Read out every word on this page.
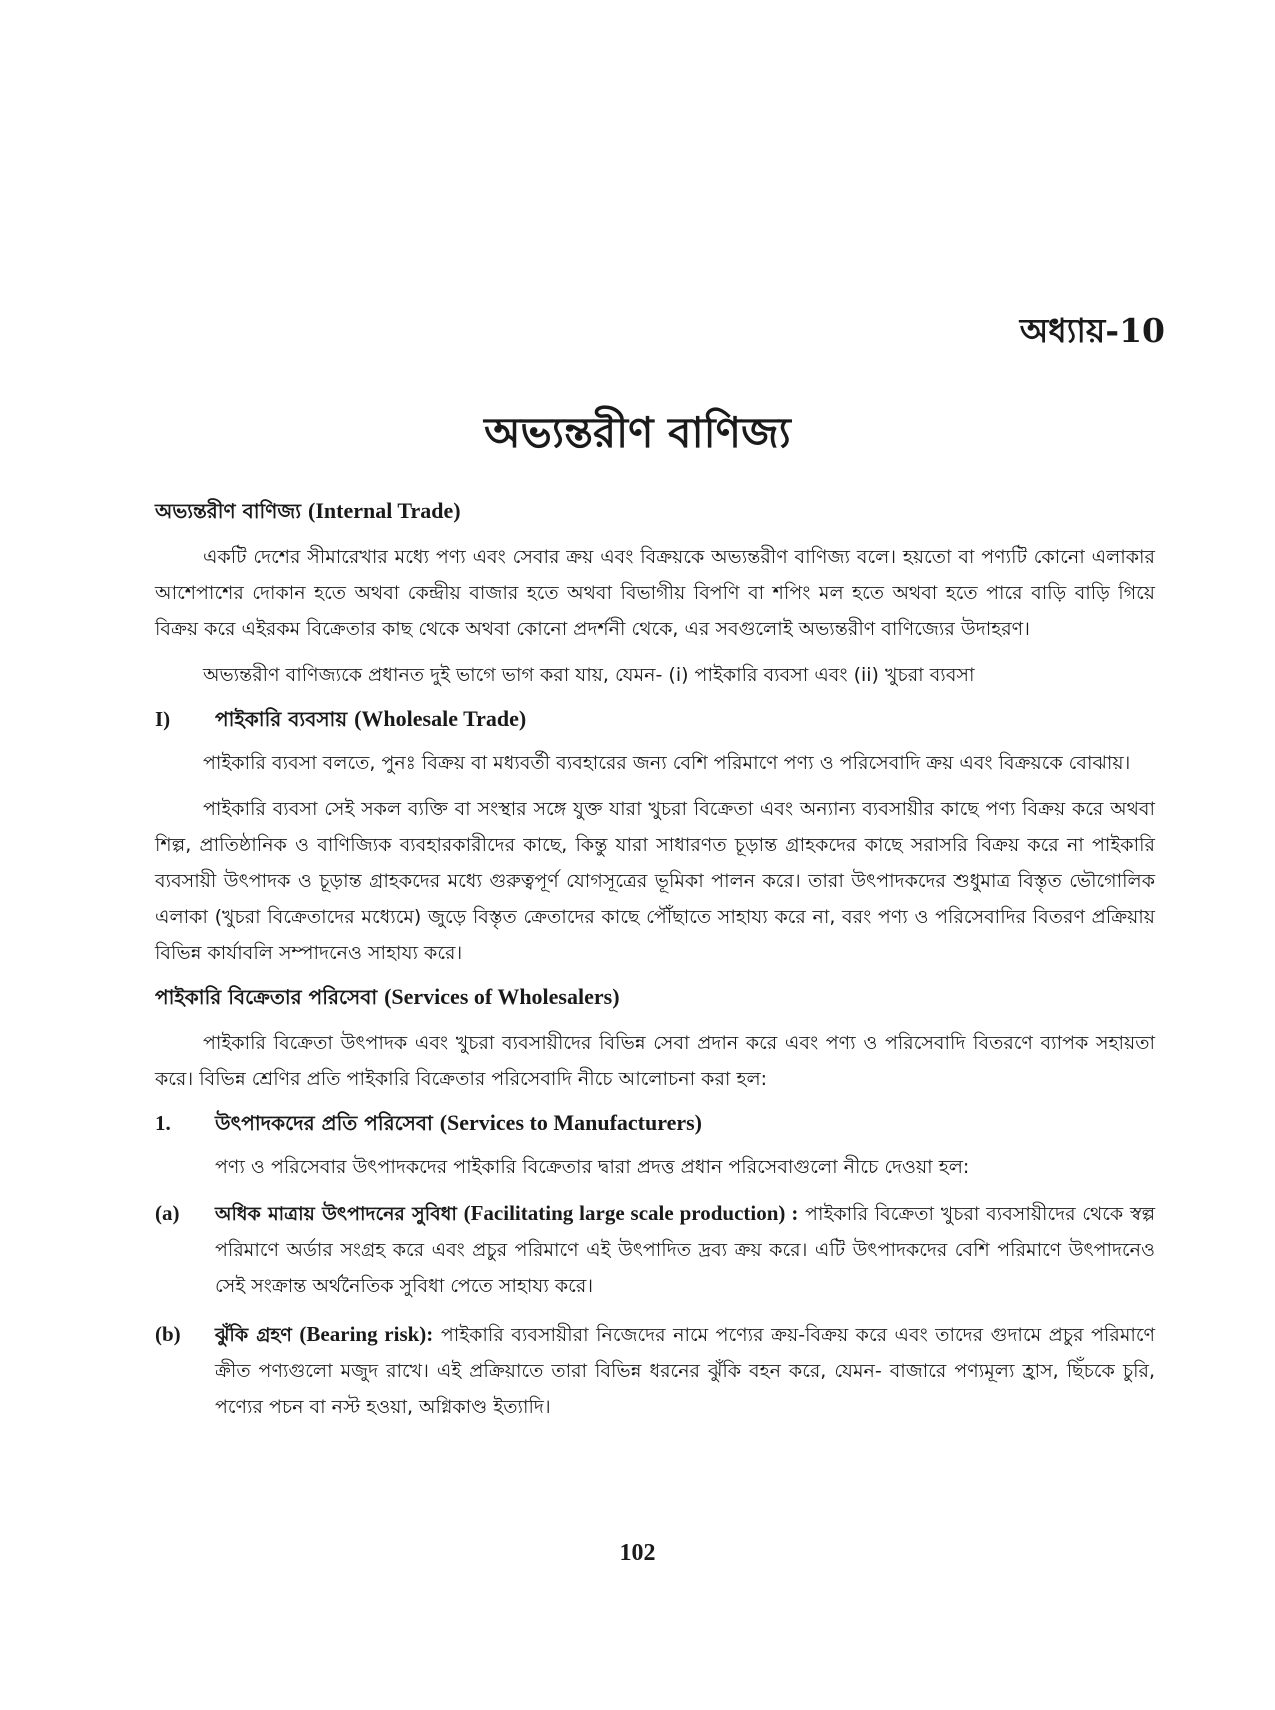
অধ্যায়-10
অভ্যন্তরীণ বাণিজ্য
অভ্যন্তরীণ বাণিজ্য (Internal Trade)

একটি দেশের সীমারেখার মধ্যে পণ্য এবং সেবার ক্রয় এবং বিক্রয়কে অভ্যন্তরীণ বাণিজ্য বলে। হয়তো বা পণ্যটি কোনো এলাকার আশেপাশের দোকান হতে অথবা কেন্দ্রীয় বাজার হতে অথবা বিভাগীয় বিপণি বা শপিং মল হতে অথবা হতে পারে বাড়ি বাড়ি গিয়ে বিক্রয় করে এইরকম বিক্রেতার কাছ থেকে অথবা কোনো প্রদর্শনী থেকে, এর সবগুলোই অভ্যন্তরীণ বাণিজ্যের উদাহরণ।

অভ্যন্তরীণ বাণিজ্যকে প্রধানত দুই ভাগে ভাগ করা যায়, যেমন- (i) পাইকারি ব্যবসা এবং (ii) খুচরা ব্যবসা

I)	পাইকারি ব্যবসায় (Wholesale Trade)

পাইকারি ব্যবসা বলতে, পুনঃ বিক্রয় বা মধ্যবর্তী ব্যবহারের জন্য বেশি পরিমাণে পণ্য ও পরিসেবাদি ক্রয় এবং বিক্রয়কে বোঝায়।

পাইকারি ব্যবসা সেই সকল ব্যক্তি বা সংস্থার সঙ্গে যুক্ত যারা খুচরা বিক্রেতা এবং অন্যান্য ব্যবসায়ীর কাছে পণ্য বিক্রয় করে অথবা শিল্প, প্রাতিষ্ঠানিক ও বাণিজ্যিক ব্যবহারকারীদের কাছে, কিন্তু যারা সাধারণত চূড়ান্ত গ্রাহকদের কাছে সরাসরি বিক্রয় করে না পাইকারি ব্যবসায়ী উৎপাদক ও চূড়ান্ত গ্রাহকদের মধ্যে গুরুত্বপূর্ণ যোগসূত্রের ভূমিকা পালন করে। তারা উৎপাদকদের শুধুমাত্র বিস্তৃত ভৌগোলিক এলাকা (খুচরা বিক্রেতাদের মধ্যেমে) জুড়ে বিস্তৃত ক্রেতাদের কাছে পৌঁছাতে সাহায্য করে না, বরং পণ্য ও পরিসেবাদির বিতরণ প্রক্রিয়ায় বিভিন্ন কার্যাবলি সম্পাদনেও সাহায্য করে।

পাইকারি বিক্রেতার পরিসেবা (Services of Wholesalers)

পাইকারি বিক্রেতা উৎপাদক এবং খুচরা ব্যবসায়ীদের বিভিন্ন সেবা প্রদান করে এবং পণ্য ও পরিসেবাদি বিতরণে ব্যাপক সহায়তা করে। বিভিন্ন শ্রেণির প্রতি পাইকারি বিক্রেতার পরিসেবাদি নীচে আলোচনা করা হল:

1.	উৎপাদকদের প্রতি পরিসেবা (Services to Manufacturers)

পণ্য ও পরিসেবার উৎপাদকদের পাইকারি বিক্রেতার দ্বারা প্রদত্ত প্রধান পরিসেবাগুলো নীচে দেওয়া হল:

(a)	অধিক মাত্রায় উৎপাদনের সুবিধা (Facilitating large scale production) : পাইকারি বিক্রেতা খুচরা ব্যবসায়ীদের থেকে স্বল্প পরিমাণে অর্ডার সংগ্রহ করে এবং প্রচুর পরিমাণে এই উৎপাদিত দ্রব্য ক্রয় করে। এটি উৎপাদকদের বেশি পরিমাণে উৎপাদনেও সেই সংক্রান্ত অর্থনৈতিক সুবিধা পেতে সাহায্য করে।
(b)	ঝুঁকি গ্রহণ (Bearing risk): পাইকারি ব্যবসায়ীরা নিজেদের নামে পণ্যের ক্রয়-বিক্রয় করে এবং তাদের গুদামে প্রচুর পরিমাণে ক্রীত পণ্যগুলো মজুদ রাখে। এই প্রক্রিয়াতে তারা বিভিন্ন ধরনের ঝুঁকি বহন করে, যেমন- বাজারে পণ্যমূল্য হ্রাস, ছিঁচকে চুরি, পণ্যের পচন বা নস্ট হওয়া, অগ্নিকাণ্ড ইত্যাদি।
102
